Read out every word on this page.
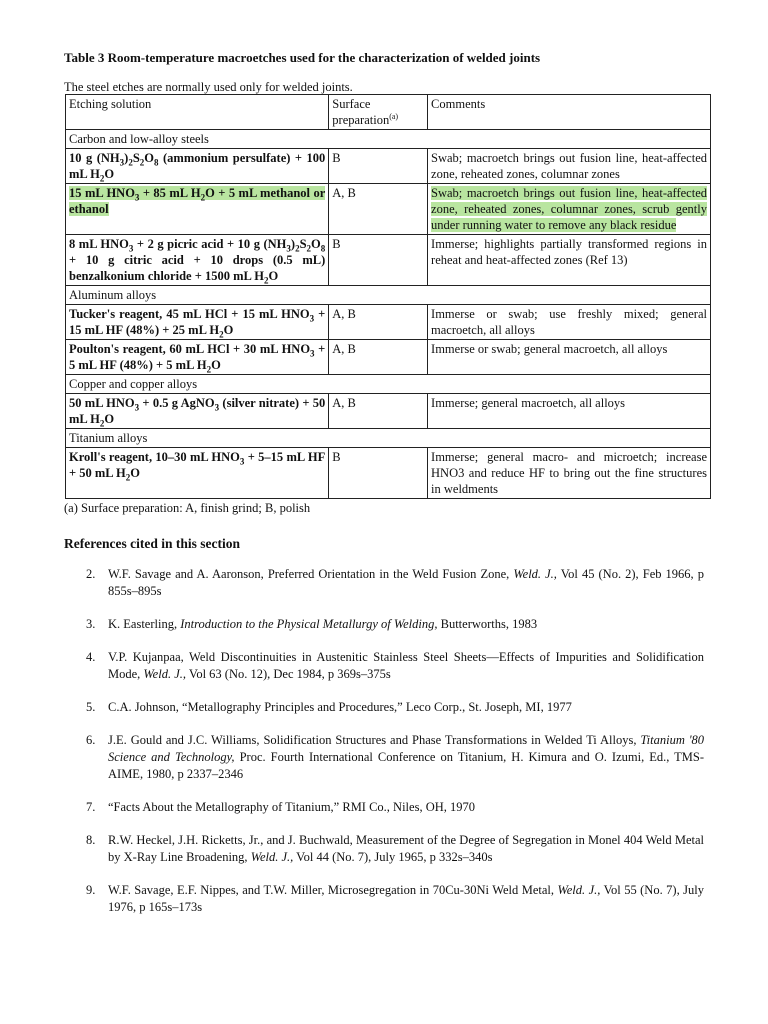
Table 3 Room-temperature macroetches used for the characterization of welded joints

The steel etches are normally used only for welded joints.

Etching solution	Surface preparation$^{(a)}$	Comments
Carbon and low-alloy steels		
10 g $(NH_3)_2S_2O_8$ (ammonium persulfate) + 100 mL $H_2O$	B	Swab; macroetch brings out fusion line, heat-affected zone, reheated zones, columnar zones
15 mL $HNO_3 + 85$ mL $H_2O + 5$ mL methanol or ethanol	A, B	Swab; macroetch brings out fusion line, heat-affected zone, reheated zones, columnar zones, scrub gently under running water to remove any black residue
8 mL $HNO_3 + 2$ g picric acid + 10 g $(NH_3)_2S_2O_8 + 10$ g citric acid + 10 drops (0.5 mL) benzalkonium chloride + 1500 mL $H_2O$	B	Immerse; highlights partially transformed regions in reheat and heat-affected zones (Ref 13)
Aluminum alloys		
Tucker's reagent, 45 mL HCl + 15 mL $HNO_3 + 15$ mL HF (48%) + 25 mL $H_2O$	A, B	Immerse or swab; use freshly mixed; general macroetch, all alloys
Poulton's reagent, 60 mL HCl + 30 mL $HNO_3 + 5$ mL HF (48%) + 5 mL $H_2O$	A, B	Immerse or swab; general macroetch, all alloys
Copper and copper alloys		
50 mL $HNO_3 + 0.5$ g AgNO$_3$ (silver nitrate) + 50 mL $H_2O$	A, B	Immerse; general macroetch, all alloys
Titanium alloys		
Kroll's reagent, 10–30 mL $HNO_3 + 5-15$ mL HF + 50 mL $H_2O$	B	Immerse; general macro- and microetch; increase HNO3 and reduce HF to bring out the fine structures in weldments

(a) Surface preparation: A, finish grind; B, polish

References cited in this section

2. W.F. Savage and A. Aaronson, Preferred Orientation in the Weld Fusion Zone, Weld. J., Vol 45 (No. 2), Feb 1966, p 855s–895s
3. K. Easterling, Introduction to the Physical Metallurgy of Welding, Butterworths, 1983
4. V.P. Kujanpaa, Weld Discontinuities in Austenitic Stainless Steel Sheets—Effects of Impurities and Solidification Mode, Weld. J., Vol 63 (No. 12), Dec 1984, p 369s–375s
5. C.A. Johnson, “Metallography Principles and Procedures,” Leco Corp., St. Joseph, MI, 1977
6. J.E. Gould and J.C. Williams, Solidification Structures and Phase Transformations in Welded Ti Alloys, Titanium '80 Science and Technology, Proc. Fourth International Conference on Titanium, H. Kimura and O. Izumi, Ed., TMS-AIME, 1980, p 2337–2346
7. “Facts About the Metallography of Titanium,” RMI Co., Niles, OH, 1970
8. R.W. Heckel, J.H. Ricketts, Jr., and J. Buchwald, Measurement of the Degree of Segregation in Monel 404 Weld Metal by X-Ray Line Broadening, Weld. J., Vol 44 (No. 7), July 1965, p 332s–340s
9. W.F. Savage, E.F. Nippes, and T.W. Miller, Microsegregation in 70Cu-30Ni Weld Metal, Weld. J., Vol 55 (No. 7), July 1976, p 165s–173s
